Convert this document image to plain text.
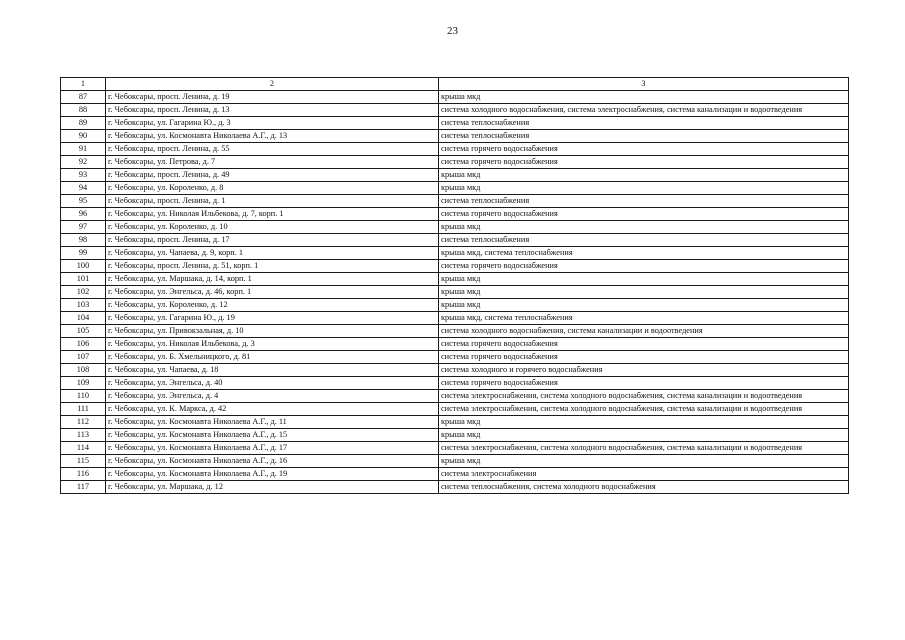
23
1	2	3
87	г. Чебоксары, просп. Ленина, д. 19	крыша мкд
88	г. Чебоксары, просп. Ленина, д. 13	система холодного водоснабжения, система электроснабжения, система канализации и водоотведения
89	г. Чебоксары, ул. Гагарина Ю., д. 3	система теплоснабжения
90	г. Чебоксары, ул. Космонавта Николаева А.Г., д. 13	система теплоснабжения
91	г. Чебоксары, просп. Ленина, д. 55	система горячего водоснабжения
92	г. Чебоксары, ул. Петрова, д. 7	система горячего водоснабжения
93	г. Чебоксары, просп. Ленина, д. 49	крыша мкд
94	г. Чебоксары, ул. Короленко, д. 8	крыша мкд
95	г. Чебоксары, просп. Ленина, д. 1	система теплоснабжения
96	г. Чебоксары, ул. Николая Ильбекова, д. 7, корп. 1	система горячего водоснабжения
97	г. Чебоксары, ул. Короленко, д. 10	крыша мкд
98	г. Чебоксары, просп. Ленина, д. 17	система теплоснабжения
99	г. Чебоксары, ул. Чапаева, д. 9, корп. 1	крыша мкд, система теплоснабжения
100	г. Чебоксары, просп. Ленина, д. 51, корп. 1	система горячего водоснабжения
101	г. Чебоксары, ул. Маршака, д. 14, корп. 1	крыша мкд
102	г. Чебоксары, ул. Энгельса, д. 46, корп. 1	крыша мкд
103	г. Чебоксары, ул. Короленко, д. 12	крыша мкд
104	г. Чебоксары, ул. Гагарина Ю., д. 19	крыша мкд, система теплоснабжения
105	г. Чебоксары, ул. Привокзальная, д. 10	система холодного водоснабжения, система канализации и водоотведения
106	г. Чебоксары, ул. Николая Ильбекова, д. 3	система горячего водоснабжения
107	г. Чебоксары, ул. Б. Хмельницкого, д. 81	система горячего водоснабжения
108	г. Чебоксары, ул. Чапаева, д. 18	система холодного и горячего водоснабжения
109	г. Чебоксары, ул. Энгельса, д. 40	система горячего водоснабжения
110	г. Чебоксары, ул. Энгельса, д. 4	система электроснабжения, система холодного водоснабжения, система канализации и водоотведения
111	г. Чебоксары, ул. К. Маркса, д. 42	система электроснабжения, система холодного водоснабжения, система канализации и водоотведения
112	г. Чебоксары, ул. Космонавта Николаева А.Г., д. 11	крыша мкд
113	г. Чебоксары, ул. Космонавта Николаева А.Г., д. 15	крыша мкд
114	г. Чебоксары, ул. Космонавта Николаева А.Г., д. 17	система электроснабжения, система холодного водоснабжения, система канализации и водоотведения
115	г. Чебоксары, ул. Космонавта Николаева А.Г., д. 16	крыша мкд
116	г. Чебоксары, ул. Космонавта Николаева А.Г., д. 19	система электроснабжения
117	г. Чебоксары, ул. Маршака, д. 12	система теплоснабжения, система холодного водоснабжения
